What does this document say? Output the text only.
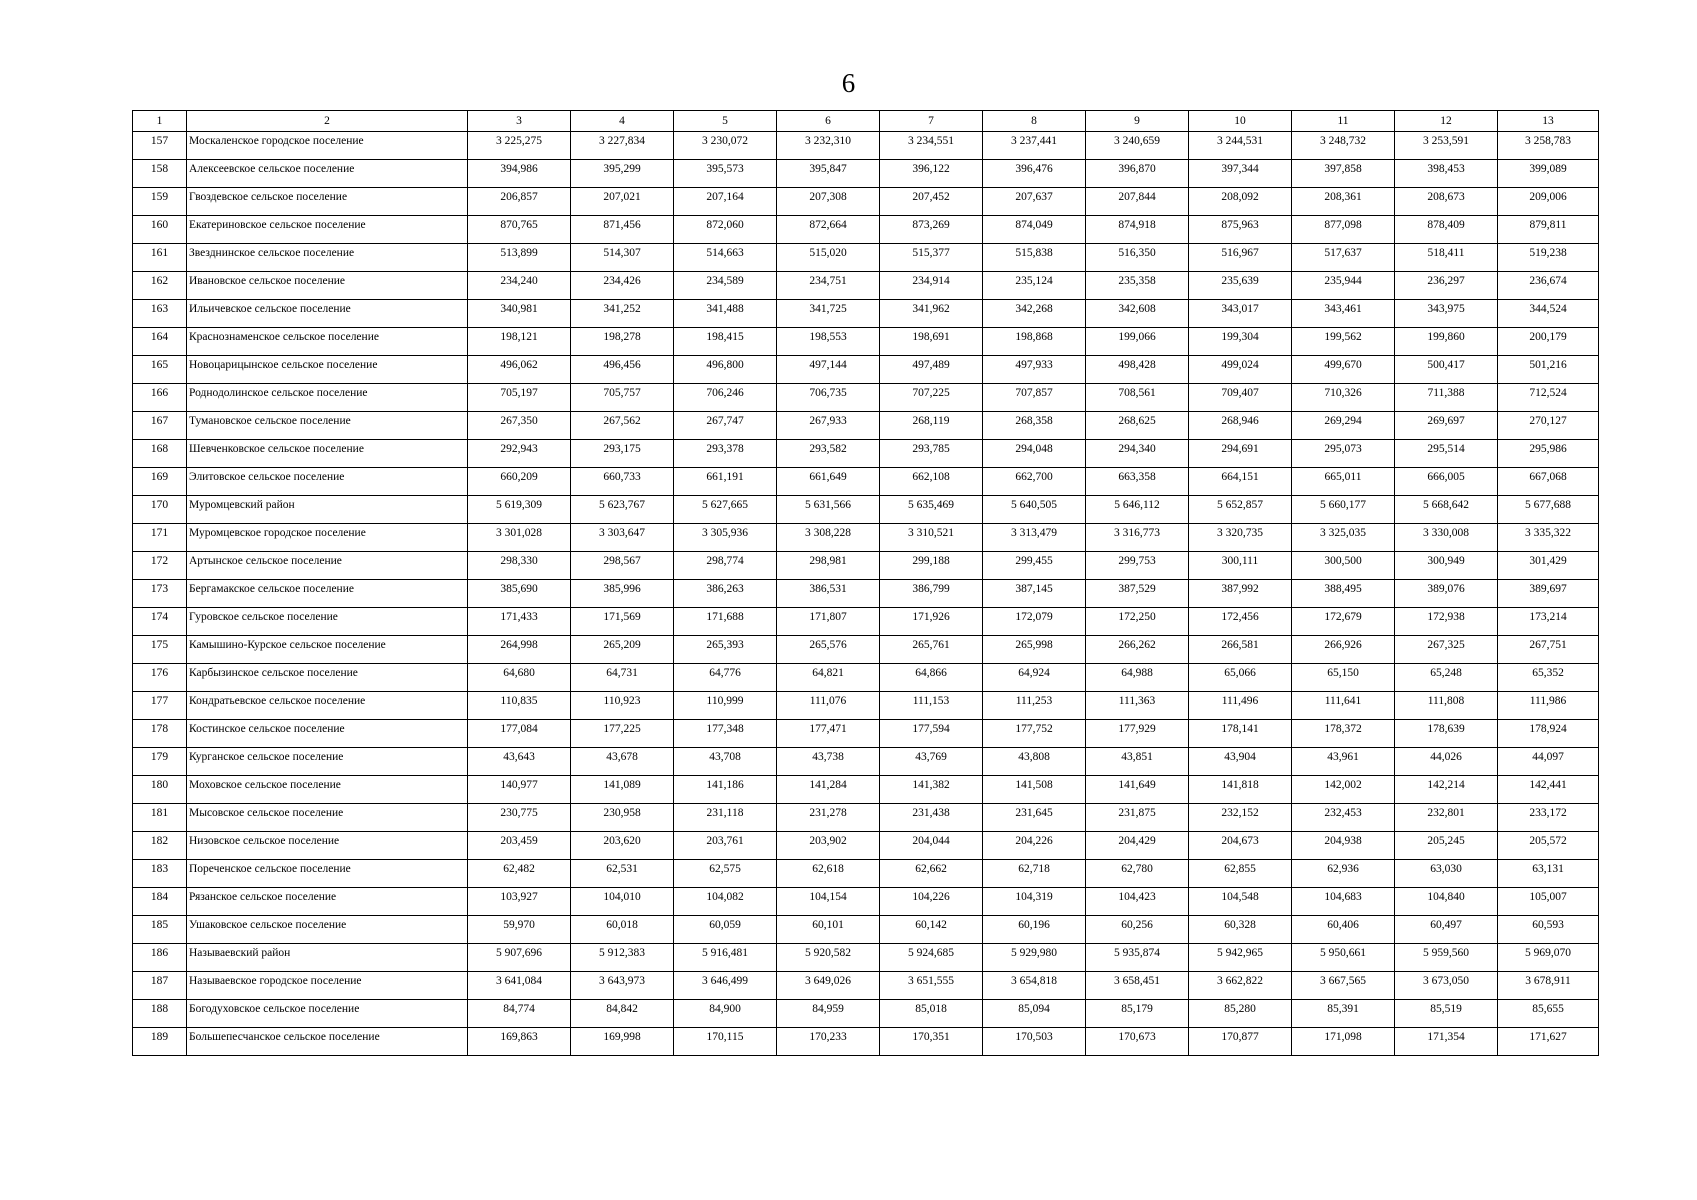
6
1	2	3	4	5	6	7	8	9	10	11	12	13
157	Москаленское городское поселение	3 225,275	3 227,834	3 230,072	3 232,310	3 234,551	3 237,441	3 240,659	3 244,531	3 248,732	3 253,591	3 258,783
158	Алексеевское сельское поселение	394,986	395,299	395,573	395,847	396,122	396,476	396,870	397,344	397,858	398,453	399,089
159	Гвоздевское сельское поселение	206,857	207,021	207,164	207,308	207,452	207,637	207,844	208,092	208,361	208,673	209,006
160	Екатериновское сельское поселение	870,765	871,456	872,060	872,664	873,269	874,049	874,918	875,963	877,098	878,409	879,811
161	Звезднинское сельское поселение	513,899	514,307	514,663	515,020	515,377	515,838	516,350	516,967	517,637	518,411	519,238
162	Ивановское сельское поселение	234,240	234,426	234,589	234,751	234,914	235,124	235,358	235,639	235,944	236,297	236,674
163	Ильичевское сельское поселение	340,981	341,252	341,488	341,725	341,962	342,268	342,608	343,017	343,461	343,975	344,524
164	Краснознаменское сельское поселение	198,121	198,278	198,415	198,553	198,691	198,868	199,066	199,304	199,562	199,860	200,179
165	Новоцарицынское сельское поселение	496,062	496,456	496,800	497,144	497,489	497,933	498,428	499,024	499,670	500,417	501,216
166	Роднодолинское сельское поселение	705,197	705,757	706,246	706,735	707,225	707,857	708,561	709,407	710,326	711,388	712,524
167	Тумановское сельское поселение	267,350	267,562	267,747	267,933	268,119	268,358	268,625	268,946	269,294	269,697	270,127
168	Шевченковское сельское поселение	292,943	293,175	293,378	293,582	293,785	294,048	294,340	294,691	295,073	295,514	295,986
169	Элитовское сельское поселение	660,209	660,733	661,191	661,649	662,108	662,700	663,358	664,151	665,011	666,005	667,068
170	Муромцевский район	5 619,309	5 623,767	5 627,665	5 631,566	5 635,469	5 640,505	5 646,112	5 652,857	5 660,177	5 668,642	5 677,688
171	Муромцевское городское поселение	3 301,028	3 303,647	3 305,936	3 308,228	3 310,521	3 313,479	3 316,773	3 320,735	3 325,035	3 330,008	3 335,322
172	Артынское сельское поселение	298,330	298,567	298,774	298,981	299,188	299,455	299,753	300,111	300,500	300,949	301,429
173	Бергамакское сельское поселение	385,690	385,996	386,263	386,531	386,799	387,145	387,529	387,992	388,495	389,076	389,697
174	Гуровское сельское поселение	171,433	171,569	171,688	171,807	171,926	172,079	172,250	172,456	172,679	172,938	173,214
175	Камышино-Курское сельское поселение	264,998	265,209	265,393	265,576	265,761	265,998	266,262	266,581	266,926	267,325	267,751
176	Карбызинское сельское поселение	64,680	64,731	64,776	64,821	64,866	64,924	64,988	65,066	65,150	65,248	65,352
177	Кондратьевское сельское поселение	110,835	110,923	110,999	111,076	111,153	111,253	111,363	111,496	111,641	111,808	111,986
178	Костинское сельское поселение	177,084	177,225	177,348	177,471	177,594	177,752	177,929	178,141	178,372	178,639	178,924
179	Курганское сельское поселение	43,643	43,678	43,708	43,738	43,769	43,808	43,851	43,904	43,961	44,026	44,097
180	Моховское сельское поселение	140,977	141,089	141,186	141,284	141,382	141,508	141,649	141,818	142,002	142,214	142,441
181	Мысовское сельское поселение	230,775	230,958	231,118	231,278	231,438	231,645	231,875	232,152	232,453	232,801	233,172
182	Низовское сельское поселение	203,459	203,620	203,761	203,902	204,044	204,226	204,429	204,673	204,938	205,245	205,572
183	Пореченское сельское поселение	62,482	62,531	62,575	62,618	62,662	62,718	62,780	62,855	62,936	63,030	63,131
184	Рязанское сельское поселение	103,927	104,010	104,082	104,154	104,226	104,319	104,423	104,548	104,683	104,840	105,007
185	Ушаковское сельское поселение	59,970	60,018	60,059	60,101	60,142	60,196	60,256	60,328	60,406	60,497	60,593
186	Называевский район	5 907,696	5 912,383	5 916,481	5 920,582	5 924,685	5 929,980	5 935,874	5 942,965	5 950,661	5 959,560	5 969,070
187	Называевское городское поселение	3 641,084	3 643,973	3 646,499	3 649,026	3 651,555	3 654,818	3 658,451	3 662,822	3 667,565	3 673,050	3 678,911
188	Богодуховское сельское поселение	84,774	84,842	84,900	84,959	85,018	85,094	85,179	85,280	85,391	85,519	85,655
189	Большепесчанское сельское поселение	169,863	169,998	170,115	170,233	170,351	170,503	170,673	170,877	171,098	171,354	171,627
